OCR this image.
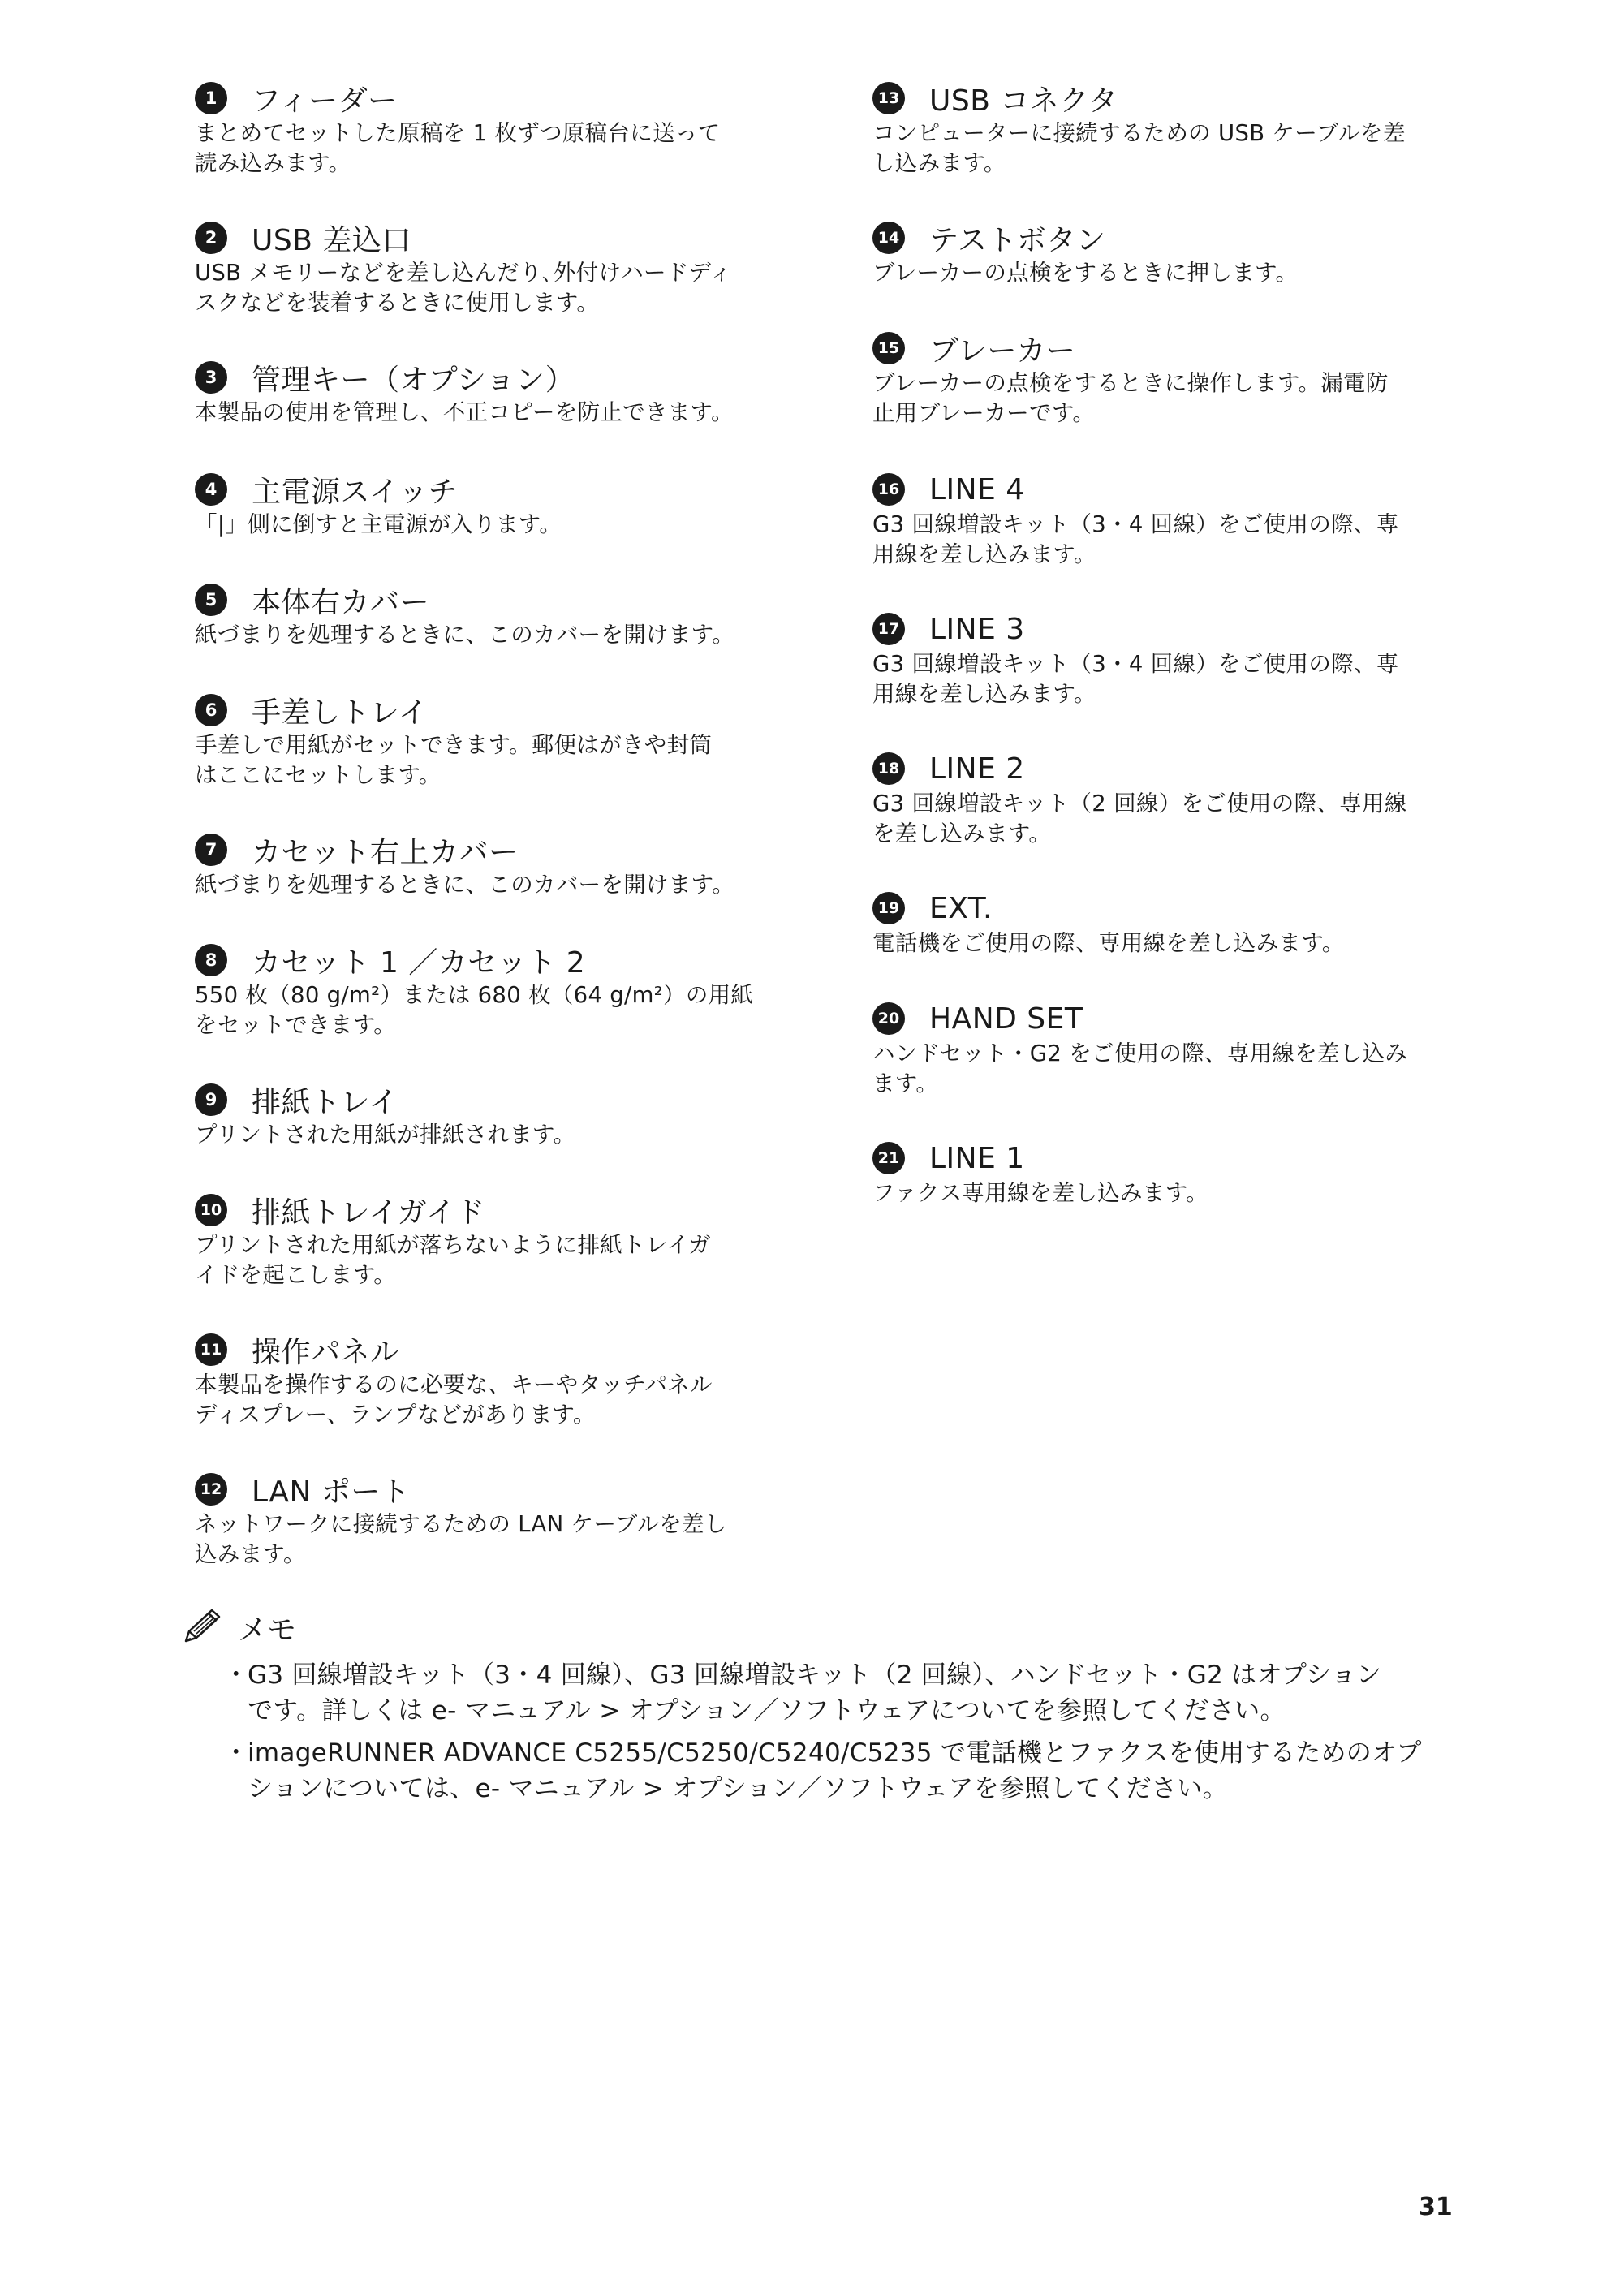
1	フィーダー
まとめてセットした原稿を 1 枚ずつ原稿台に送って
読み込みます。
2	USB 差込口
USB メモリーなどを差し込んだり､外付けハードディ
スクなどを装着するときに使用します。
3	管理キー（オプション）
本製品の使用を管理し、不正コピーを防止できます。
4	主電源スイッチ
「|」側に倒すと主電源が入ります。
5	本体右カバー
紙づまりを処理するときに、このカバーを開けます。
6	手差しトレイ
手差しで用紙がセットできます。郵便はがきや封筒
はここにセットします。
7	カセット右上カバー
紙づまりを処理するときに、このカバーを開けます。
8	カセット 1 ／カセット 2
550 枚（80 g/m²）または 680 枚（64 g/m²）の用紙
をセットできます。
9	排紙トレイ
プリントされた用紙が排紙されます。
10 排紙トレイガイド
プリントされた用紙が落ちないように排紙トレイガ
イドを起こします。
11 操作パネル
本製品を操作するのに必要な、キーやタッチパネル
ディスプレー、ランプなどがあります。
12 LAN ポート
ネットワークに接続するための LAN ケーブルを差し
込みます。
13 USB コネクタ
コンピューターに接続するための USB ケーブルを差
し込みます。
14 テストボタン
ブレーカーの点検をするときに押します。
15 ブレーカー
ブレーカーの点検をするときに操作します。漏電防
止用ブレーカーです。
16 LINE 4
G3 回線増設キット（3・4 回線）をご使用の際、専
用線を差し込みます。
17 LINE 3
G3 回線増設キット（3・4 回線）をご使用の際、専
用線を差し込みます。
18 LINE 2
G3 回線増設キット（2 回線）をご使用の際、専用線
を差し込みます。
19 EXT.
電話機をご使用の際、専用線を差し込みます。
20 HAND SET
ハンドセット・G2 をご使用の際、専用線を差し込み
ます。
21 LINE 1
ファクス専用線を差し込みます。
メモ
･ G3 回線増設キット（3・4 回線）、G3 回線増設キット（2 回線）、ハンドセット・G2 はオプション
です。詳しくは e- マニュアル > オプション／ソフトウェアについてを参照してください。
･ imageRUNNER ADVANCE C5255/C5250/C5240/C5235 で電話機とファクスを使用するためのオプ
ションについては、e- マニュアル > オプション／ソフトウェアを参照してください。
31
